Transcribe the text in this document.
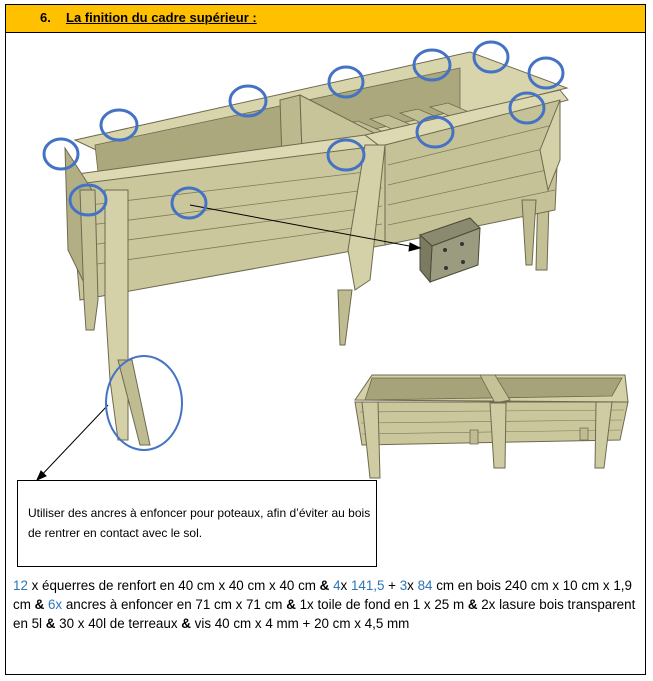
6. La finition du cadre supérieur :

Utiliser des ancres à enfoncer pour poteaux, afin d’éviter au bois de rentrer en contact avec le sol.

12 x équerres de renfort en 40 cm x 40 cm x 40 cm & 4x 141,5 + 3x 84 cm en bois 240 cm x 10 cm x 1,9 cm & 6x ancres à enfoncer en 71 cm x 71 cm & 1x toile de fond en 1 x 25 m & 2x lasure bois transparent en 5l & 30 x 40l de terreaux & vis 40 cm x 4 mm + 20 cm x 4,5 mm
